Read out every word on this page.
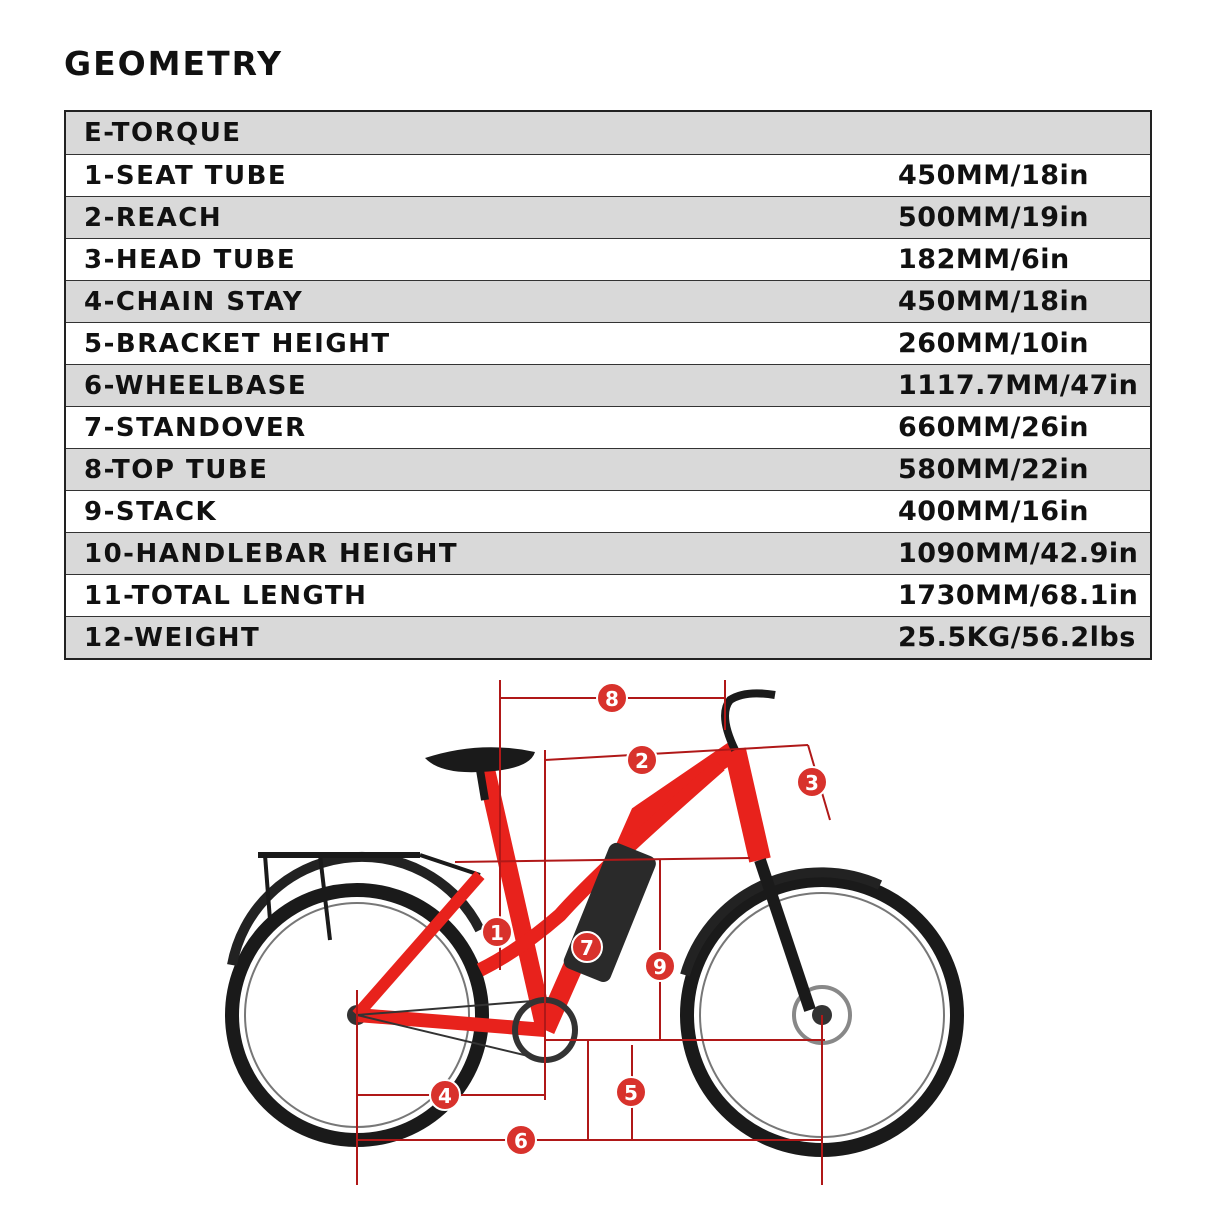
GEOMETRY
E-TORQUE
1-SEAT TUBE	450MM/18in
2-REACH	500MM/19in
3-HEAD TUBE	182MM/6in
4-CHAIN STAY	450MM/18in
5-BRACKET HEIGHT	260MM/10in
6-WHEELBASE	1117.7MM/47in
7-STANDOVER	660MM/26in
8-TOP TUBE	580MM/22in
9-STACK	400MM/16in
10-HANDLEBAR HEIGHT	1090MM/42.9in
11-TOTAL LENGTH	1730MM/68.1in
12-WEIGHT	25.5KG/56.2lbs
8
2
3
1
7
9
4	5
6
